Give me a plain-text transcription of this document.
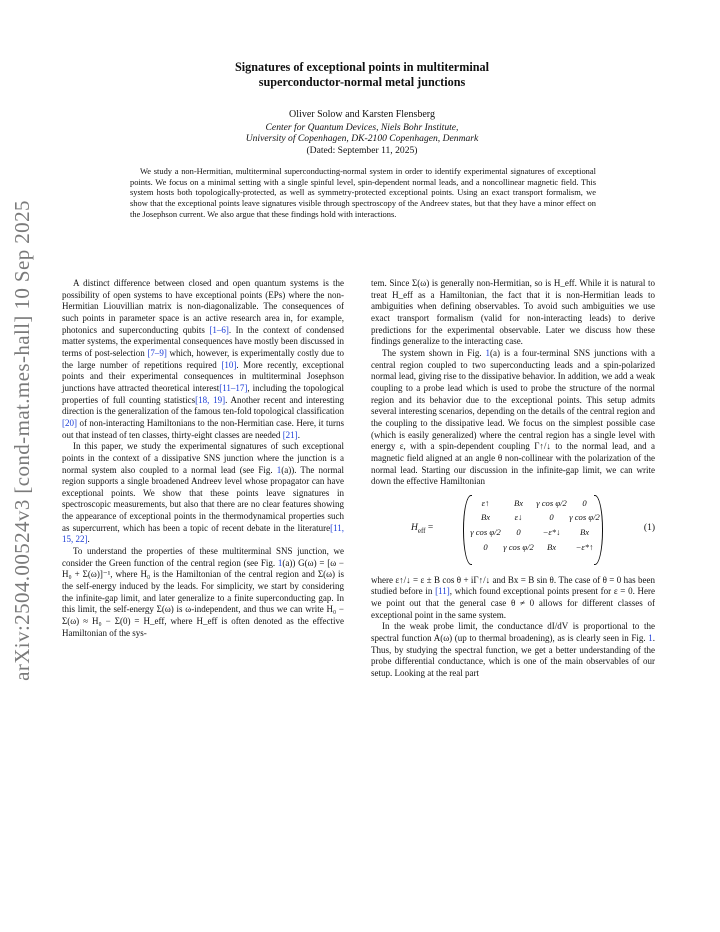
arXiv:2504.00524v3 [cond-mat.mes-hall] 10 Sep 2025
Signatures of exceptional points in multiterminal
superconductor-normal metal junctions
Oliver Solow and Karsten Flensberg
Center for Quantum Devices, Niels Bohr Institute,
University of Copenhagen, DK-2100 Copenhagen, Denmark
(Dated: September 11, 2025)

We study a non-Hermitian, multiterminal superconducting-normal system in order to identify experimental signatures of exceptional points. We focus on a minimal setting with a single spinful level, spin-dependent normal leads, and a noncollinear magnetic field. This system hosts both topologically-protected, as well as symmetry-protected exceptional points. Using an exact transport formalism, we show that the exceptional points leave signatures visible through spectroscopy of the Andreev states, but that they have a minor effect on the Josephson current. We also argue that these findings hold with interactions.

A distinct difference between closed and open quantum systems is the possibility of open systems to have exceptional points (EPs) where the non-Hermitian Liouvillian matrix is non-diagonalizable. The consequences of such points in parameter space is an active research area in, for example, photonics and superconducting qubits [1–6]. In the context of condensed matter systems, the experimental consequences have mostly been discussed in terms of post-selection [7–9] which, however, is experimentally costly due to the large number of repetitions required [10]. More recently, exceptional points and their experimental consequences in multiterminal Josephson junctions have attracted theoretical interest[11–17], including the topological properties of full counting statistics[18, 19]. Another recent and interesting direction is the generalization of the famous ten-fold topological classification [20] of non-interacting Hamiltonians to the non-Hermitian case. Here, it turns out that instead of ten classes, thirty-eight classes are needed [21].

In this paper, we study the experimental signatures of such exceptional points in the context of a dissipative SNS junction where the junction is a normal system also coupled to a normal lead (see Fig. 1(a)). The normal region supports a single broadened Andreev level whose propagator can have exceptional points. We show that these points leave signatures in spectroscopic measurements, but also that there are no clear features showing the appearance of exceptional points in the thermodynamical properties such as supercurrent, which has been a topic of recent debate in the literature[11, 15, 22].

To understand the properties of these multiterminal SNS junction, we consider the Green function of the central region (see Fig. 1(a)) G(ω) = [ω − H₀ + Σ(ω)]⁻¹, where H₀ is the Hamiltonian of the central region and Σ(ω) is the self-energy induced by the leads. For simplicity, we start by considering the infinite-gap limit, and later generalize to a finite superconducting gap. In this limit, the self-energy Σ(ω) is ω-independent, and thus we can write H₀ − Σ(ω) ≈ H₀ − Σ(0) = H_eff, where H_eff is often denoted as the effective Hamiltonian of the sys-

tem. Since Σ(ω) is generally non-Hermitian, so is H_eff. While it is natural to treat H_eff as a Hamiltonian, the fact that it is non-Hermitian leads to ambiguities when defining observables. To avoid such ambiguities we use exact transport formalism (valid for non-interacting leads) to derive predictions for the experimental observable. Later we discuss how these findings generalize to the interacting case.

The system shown in Fig. 1(a) is a four-terminal SNS junctions with a central region coupled to two superconducting leads and a spin-polarized normal lead, giving rise to the dissipative behavior. In addition, we add a weak coupling to a probe lead which is used to probe the structure of the normal region and its behavior due to the exceptional points. This setup admits several interesting scenarios, depending on the details of the central region and the coupling to the dissipative lead. We focus on the simplest possible case (which is easily generalized) where the central region has a single level with energy ε, with a spin-dependent coupling Γ↑/↓ to the normal lead, and a magnetic field aligned at an angle θ non-collinear with the polarization of the normal lead. Starting our discussion in the infinite-gap limit, we can write down the effective Hamiltonian

$H_{eff}$ =
ε↑	Bx	γ cos φ/2	0
Bx	ε↓	0	γ cos φ/2
γ cos φ/2	0	−ε*↓	Bx
0	γ cos φ/2	Bx	−ε*↑
(1)

where ε↑/↓ = ε ± B cos θ + iΓ↑/↓ and Bx = B sin θ. The case of θ = 0 has been studied before in [11], which found exceptional points present for ε = 0. Here we point out that the general case θ ≠ 0 allows for different classes of exceptional point in the same system.

In the weak probe limit, the conductance dI/dV is proportional to the spectral function A(ω) (up to thermal broadening), as is clearly seen in Fig. 1. Thus, by studying the spectral function, we get a better understanding of the probe differential conductance, which is one of the main observables of our setup. Looking at the real part
